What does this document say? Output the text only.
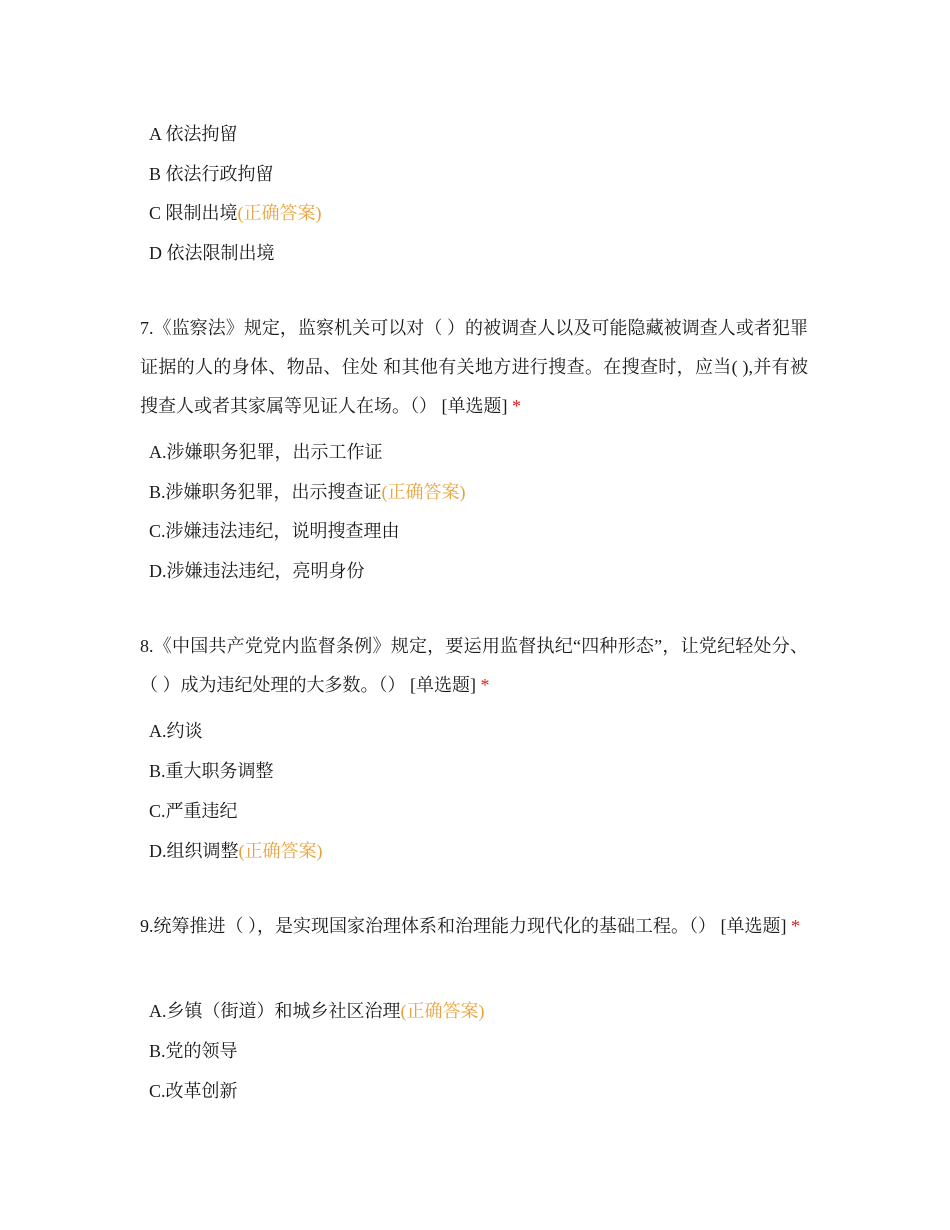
A 依法拘留
B 依法行政拘留
C 限制出境(正确答案)
D 依法限制出境
7.《监察法》规定，监察机关可以对（ ）的被调查人以及可能隐藏被调查人或者犯罪证据的人的身体、物品、住处 和其他有关地方进行搜查。在搜查时，应当( ),并有被搜查人或者其家属等见证人在场。（） [单选题] *
A.涉嫌职务犯罪，出示工作证
B.涉嫌职务犯罪，出示搜查证(正确答案)
C.涉嫌违法违纪，说明搜查理由
D.涉嫌违法违纪，亮明身份
8.《中国共产党党内监督条例》规定，要运用监督执纪“四种形态”，让党纪轻处分、（ ）成为违纪处理的大多数。（） [单选题] *
A.约谈
B.重大职务调整
C.严重违纪
D.组织调整(正确答案)
9.统筹推进（ ），是实现国家治理体系和治理能力现代化的基础工程。（） [单选题] *
A.乡镇（街道）和城乡社区治理(正确答案)
B.党的领导
C.改革创新
